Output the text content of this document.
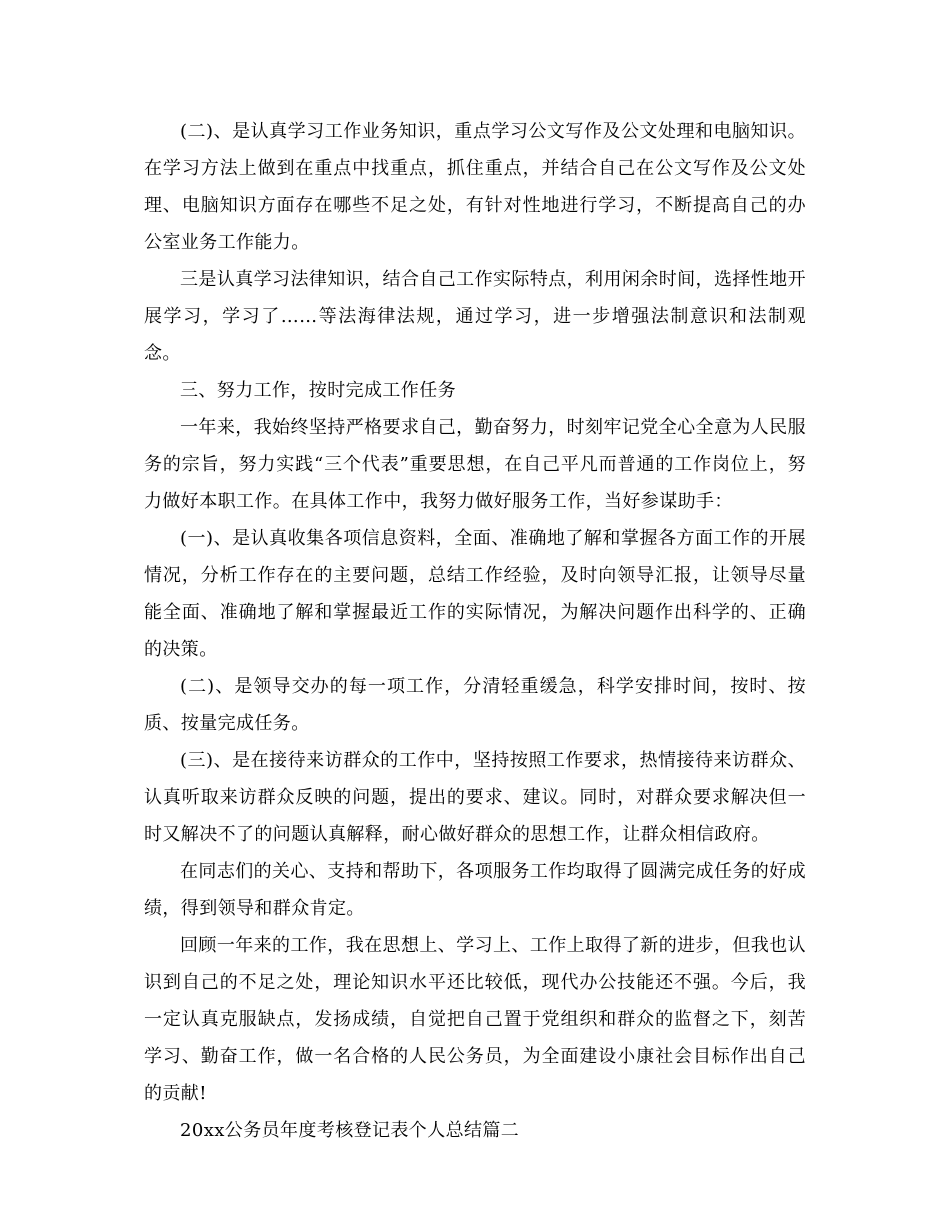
(二)、是认真学习工作业务知识，重点学习公文写作及公文处理和电脑知识。在学习方法上做到在重点中找重点，抓住重点，并结合自己在公文写作及公文处理、电脑知识方面存在哪些不足之处，有针对性地进行学习，不断提高自己的办公室业务工作能力。

三是认真学习法律知识，结合自己工作实际特点，利用闲余时间，选择性地开展学习，学习了……等法海律法规，通过学习，进一步增强法制意识和法制观念。

三、努力工作，按时完成工作任务

一年来，我始终坚持严格要求自己，勤奋努力，时刻牢记党全心全意为人民服务的宗旨，努力实践“三个代表”重要思想，在自己平凡而普通的工作岗位上，努力做好本职工作。在具体工作中，我努力做好服务工作，当好参谋助手：

(一)、是认真收集各项信息资料，全面、准确地了解和掌握各方面工作的开展情况，分析工作存在的主要问题，总结工作经验，及时向领导汇报，让领导尽量能全面、准确地了解和掌握最近工作的实际情况，为解决问题作出科学的、正确的决策。

(二)、是领导交办的每一项工作，分清轻重缓急，科学安排时间，按时、按质、按量完成任务。

(三)、是在接待来访群众的工作中，坚持按照工作要求，热情接待来访群众、认真听取来访群众反映的问题，提出的要求、建议。同时，对群众要求解决但一时又解决不了的问题认真解释，耐心做好群众的思想工作，让群众相信政府。

在同志们的关心、支持和帮助下，各项服务工作均取得了圆满完成任务的好成绩，得到领导和群众肯定。

回顾一年来的工作，我在思想上、学习上、工作上取得了新的进步，但我也认识到自己的不足之处，理论知识水平还比较低，现代办公技能还不强。今后，我一定认真克服缺点，发扬成绩，自觉把自己置于党组织和群众的监督之下，刻苦学习、勤奋工作，做一名合格的人民公务员，为全面建设小康社会目标作出自己的贡献!

20xx公务员年度考核登记表个人总结篇二
